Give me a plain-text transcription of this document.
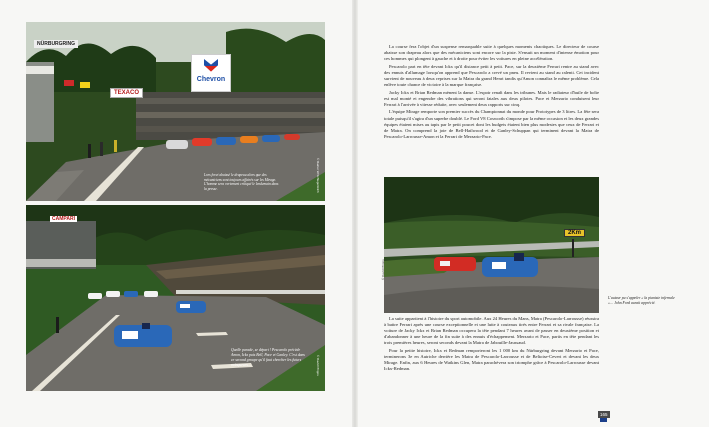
NÜRBURGRING
Chevron
TEXACO
Lors fovet abaissé le drapeau alors que des mécaniciens sont toujours affairés sur les Mirage. L'homme sera vertement critiqué le lendemain dans la presse.	© Rainer W.Schlegelmilch
CAMPARI
Quelle parade, se départ ! Pescarolo précède Amon, Ickx puis Bell, Pace et Ganley. C'est dans ce second groupe qu'il faut chercher les futurs vainqueurs…	© David Phipps

La course fera l'objet d'un suspense remarquable suite à quelques moments chaotiques. Le directeur de course abaisse son drapeau alors que des mécaniciens sont encore sur la piste. S'ensuit un moment d'intense émotion pour ces hommes qui plongent à gauche et à droite pour éviter les voitures en pleine accélération.

Pescarolo part en tête devant Ickx qu'il distance petit à petit. Pace, sur la deuxième Ferrari rentre au stand avec des ennuis d'allumage lorsqu'on apprend que Pescarolo a crevé un pneu. Il revient au stand au ralenti. Cet incident survient de nouveau à deux reprises sur la Matra du grand Henri tandis qu'Amon connaîtra le même problème. Cela enlève toute chance de victoire à la marque française.

Jacky Ickx et Brian Redman mènent la danse. L'espoir renaît dans les tribunes. Mais le radiateur d'huile de boîte est mal monté et engendre des vibrations qui seront fatales aux deux pilotes. Pace et Merzario conduisent leur Ferrari à l'arrivée à vitesse réduite, avec seulement deux rapports sur cinq.

L'équipe Mirage remporte son premier succès du Championnat du monde pour Prototypes de 3 litres. La fête sera totale puisqu'il s'agira d'un superbe doublé. Le Ford V8 Cosworth s'impose par la même occasion et les deux grandes équipes étaient mises au tapis par le petit poucet dont les budgets étaient bien plus modestes que ceux de Ferrari et de Matra. On comprend la joie de Bell-Hailwood et de Ganley-Schuppan qui terminent devant la Matra de Pescarolo-Larrousse-Amon et la Ferrari de Merzario-Pace.

2Km
© David Phipps
L'auteur pu s'appeler « la pianiste infernale »… John Ford aurait apprécié.

La suite appartient à l'histoire du sport automobile. Aux 24 Heures du Mans, Matra (Pescarolo-Larrousse) réussira à battre Ferrari après une course exceptionnelle et une lutte à couteaux tirés entre Ferrari et sa rivale française. La voiture de Jacky Ickx et Brian Redman occupera la tête pendant 7 heures avant de passer en deuxième position et d'abandonner à une heure de la fin suite à des ennuis d'échappement. Merzario et Pace, partis en tête pendant les trois premières heures, seront seconds devant la Matra de Jabouille-Jaussaud.

Pour la petite histoire, Ickx et Redman remporteront les 1 000 km du Nürburgring devant Merzario et Pace, terminerons 3e en Autriche derrière les Matra de Pescarolo-Larrousse et de Beltoise-Cevert et devant les deux Mirage. Enfin, aux 6 Heures de Watkins Glen, Matra parachèvera son triomphe grâce à Pescarolo-Larrousse devant Ickx-Redman.

165
